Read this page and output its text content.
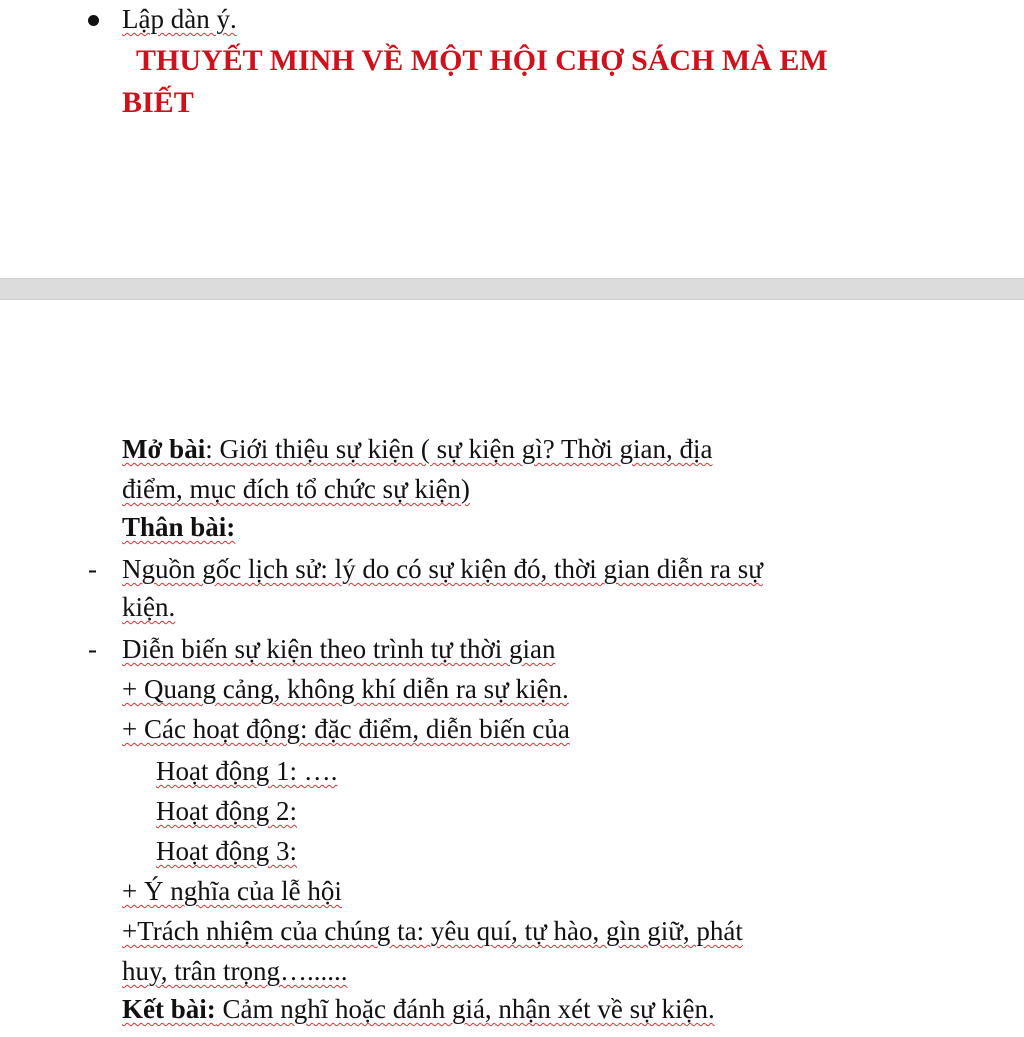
Lập dàn ý.
THUYẾT MINH VỀ MỘT HỘI CHỢ SÁCH MÀ EM BIẾT
Mở bài: Giới thiệu sự kiện ( sự kiện gì? Thời gian, địa
điểm, mục đích tổ chức sự kiện)
Thân bài:
- Nguồn gốc lịch sử: lý do có sự kiện đó, thời gian diễn ra sự
kiện.
- Diễn biến sự kiện theo trình tự thời gian
+ Quang cảng, không khí diễn ra sự kiện.
+ Các hoạt động: đặc điểm, diễn biến của
Hoạt động 1: ….
Hoạt động 2:
Hoạt động 3:
+ Ý nghĩa của lễ hội
+Trách nhiệm của chúng ta: yêu quí, tự hào, gìn giữ, phát
huy, trân trọng…......
Kết bài: Cảm nghĩ hoặc đánh giá, nhận xét về sự kiện.
